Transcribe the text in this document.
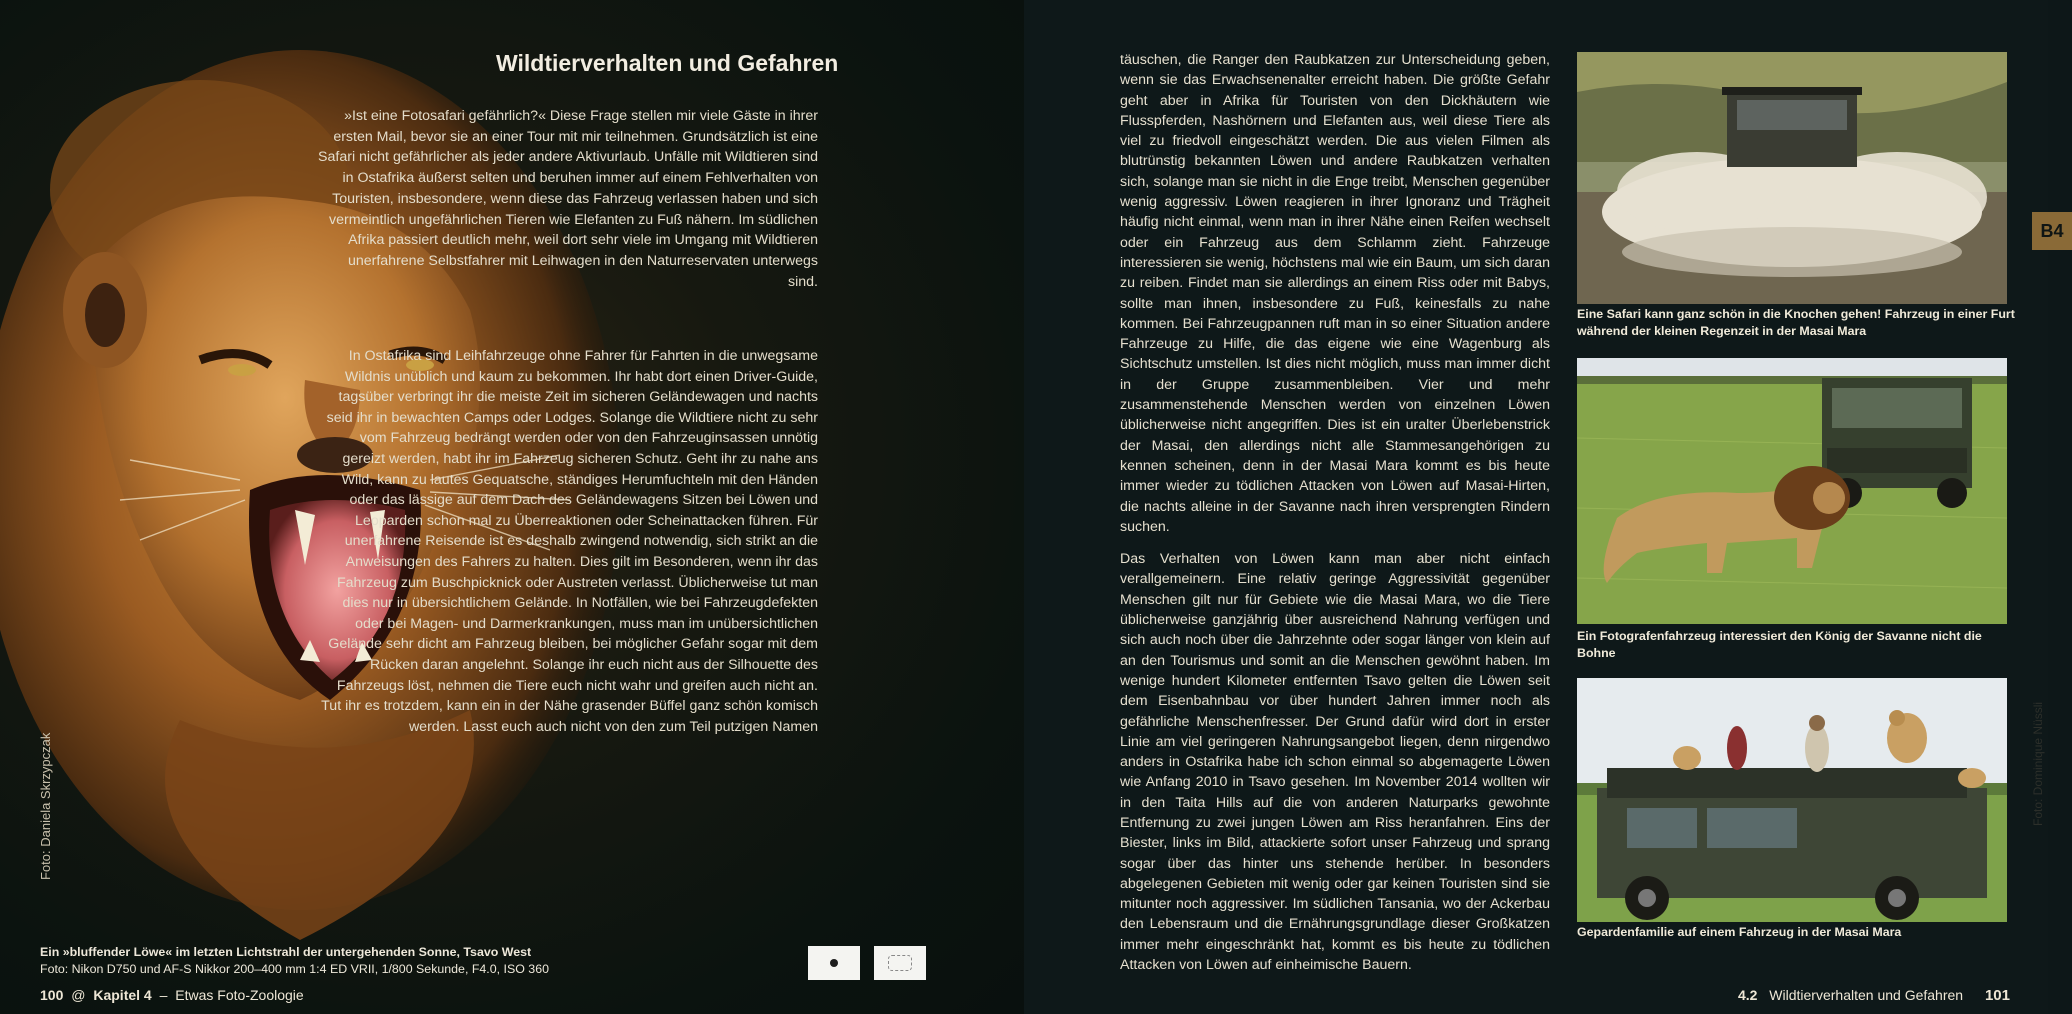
Foto: Daniela Skrzypczak
Wildtierverhalten und Gefahren
»Ist eine Fotosafari gefährlich?« Diese Frage stellen mir viele Gäste in ihrer ersten Mail, bevor sie an einer Tour mit mir teilnehmen. Grundsätzlich ist eine Safari nicht gefährlicher als jeder andere Aktivurlaub. Unfälle mit Wildtieren sind in Ostafrika äußerst selten und beruhen immer auf einem Fehlverhalten von Touristen, insbesondere, wenn diese das Fahrzeug verlassen haben und sich vermeintlich ungefährlichen Tieren wie Elefanten zu Fuß nähern. Im südlichen Afrika passiert deutlich mehr, weil dort sehr viele im Umgang mit Wildtieren unerfahrene Selbstfahrer mit Leihwagen in den Naturreservaten unterwegs sind.
In Ostafrika sind Leihfahrzeuge ohne Fahrer für Fahrten in die unwegsame Wildnis unüblich und kaum zu bekommen. Ihr habt dort einen Driver-Guide, tagsüber verbringt ihr die meiste Zeit im sicheren Geländewagen und nachts seid ihr in bewachten Camps oder Lodges. Solange die Wildtiere nicht zu sehr vom Fahrzeug bedrängt werden oder von den Fahrzeuginsassen unnötig gereizt werden, habt ihr im Fahrzeug sicheren Schutz. Geht ihr zu nahe ans Wild, kann zu lautes Gequatsche, ständiges Herumfuchteln mit den Händen oder das lässige auf dem Dach des Geländewagens Sitzen bei Löwen und Leoparden schon mal zu Überreaktionen oder Scheinattacken führen. Für unerfahrene Reisende ist es deshalb zwingend notwendig, sich strikt an die Anweisungen des Fahrers zu halten. Dies gilt im Besonderen, wenn ihr das Fahrzeug zum Buschpicknick oder Austreten verlasst. Üblicherweise tut man dies nur in übersichtlichem Gelände. In Notfällen, wie bei Fahrzeugdefekten oder bei Magen- und Darmerkrankungen, muss man im unübersichtlichen Gelände sehr dicht am Fahrzeug bleiben, bei möglicher Gefahr sogar mit dem Rücken daran angelehnt. Solange ihr euch nicht aus der Silhouette des Fahrzeugs löst, nehmen die Tiere euch nicht wahr und greifen auch nicht an. Tut ihr es trotzdem, kann ein in der Nähe grasender Büffel ganz schön komisch werden. Lasst euch auch nicht von den zum Teil putzigen Namen
Ein »bluffender Löwe« im letzten Lichtstrahl der untergehenden Sonne, Tsavo West
Foto: Nikon D750 und AF-S Nikkor 200–400 mm 1:4 ED VRII, 1/800 Sekunde, F4.0, ISO 360

100 @ Kapitel 4 – Etwas Foto-Zoologie

täuschen, die Ranger den Raubkatzen zur Unterscheidung geben, wenn sie das Erwachsenenalter erreicht haben. Die größte Gefahr geht aber in Afrika für Touristen von den Dickhäutern wie Flusspferden, Nashörnern und Elefanten aus, weil diese Tiere als viel zu friedvoll eingeschätzt werden. Die aus vielen Filmen als blutrünstig bekannten Löwen und andere Raubkatzen verhalten sich, solange man sie nicht in die Enge treibt, Menschen gegenüber wenig aggressiv. Löwen reagieren in ihrer Ignoranz und Trägheit häufig nicht einmal, wenn man in ihrer Nähe einen Reifen wechselt oder ein Fahrzeug aus dem Schlamm zieht. Fahrzeuge interessieren sie wenig, höchstens mal wie ein Baum, um sich daran zu reiben. Findet man sie allerdings an einem Riss oder mit Babys, sollte man ihnen, insbesondere zu Fuß, keinesfalls zu nahe kommen. Bei Fahrzeugpannen ruft man in so einer Situation andere Fahrzeuge zu Hilfe, die das eigene wie eine Wagenburg als Sichtschutz umstellen. Ist dies nicht möglich, muss man immer dicht in der Gruppe zusammenbleiben. Vier und mehr zusammenstehende Menschen werden von einzelnen Löwen üblicherweise nicht angegriffen. Dies ist ein uralter Überlebenstrick der Masai, den allerdings nicht alle Stammesangehörigen zu kennen scheinen, denn in der Masai Mara kommt es bis heute immer wieder zu tödlichen Attacken von Löwen auf Masai-Hirten, die nachts alleine in der Savanne nach ihren versprengten Rindern suchen.

Das Verhalten von Löwen kann man aber nicht einfach verallgemeinern. Eine relativ geringe Aggressivität gegenüber Menschen gilt nur für Gebiete wie die Masai Mara, wo die Tiere üblicherweise ganzjährig über ausreichend Nahrung verfügen und sich auch noch über die Jahrzehnte oder sogar länger von klein auf an den Tourismus und somit an die Menschen gewöhnt haben. Im wenige hundert Kilometer entfernten Tsavo gelten die Löwen seit dem Eisenbahnbau vor über hundert Jahren immer noch als gefährliche Menschenfresser. Der Grund dafür wird dort in erster Linie am viel geringeren Nahrungsangebot liegen, denn nirgendwo anders in Ostafrika habe ich schon einmal so abgemagerte Löwen wie Anfang 2010 in Tsavo gesehen. Im November 2014 wollten wir in den Taita Hills auf die von anderen Naturparks gewohnte Entfernung zu zwei jungen Löwen am Riss heranfahren. Eins der Biester, links im Bild, attackierte sofort unser Fahrzeug und sprang sogar über das hinter uns stehende herüber. In besonders abgelegenen Gebieten mit wenig oder gar keinen Touristen sind sie mitunter noch aggressiver. Im südlichen Tansania, wo der Ackerbau den Lebensraum und die Ernährungsgrundlage dieser Großkatzen immer mehr eingeschränkt hat, kommt es bis heute zu tödlichen Attacken von Löwen auf einheimische Bauern.

Eine Safari kann ganz schön in die Knochen gehen! Fahrzeug in einer Furt während der kleinen Regenzeit in der Masai Mara
Ein Fotografenfahrzeug interessiert den König der Savanne nicht die Bohne
Foto: Dominique Nüssli
Gepardenfamilie auf einem Fahrzeug in der Masai Mara
B4
4.2 Wildtierverhalten und Gefahren 101
